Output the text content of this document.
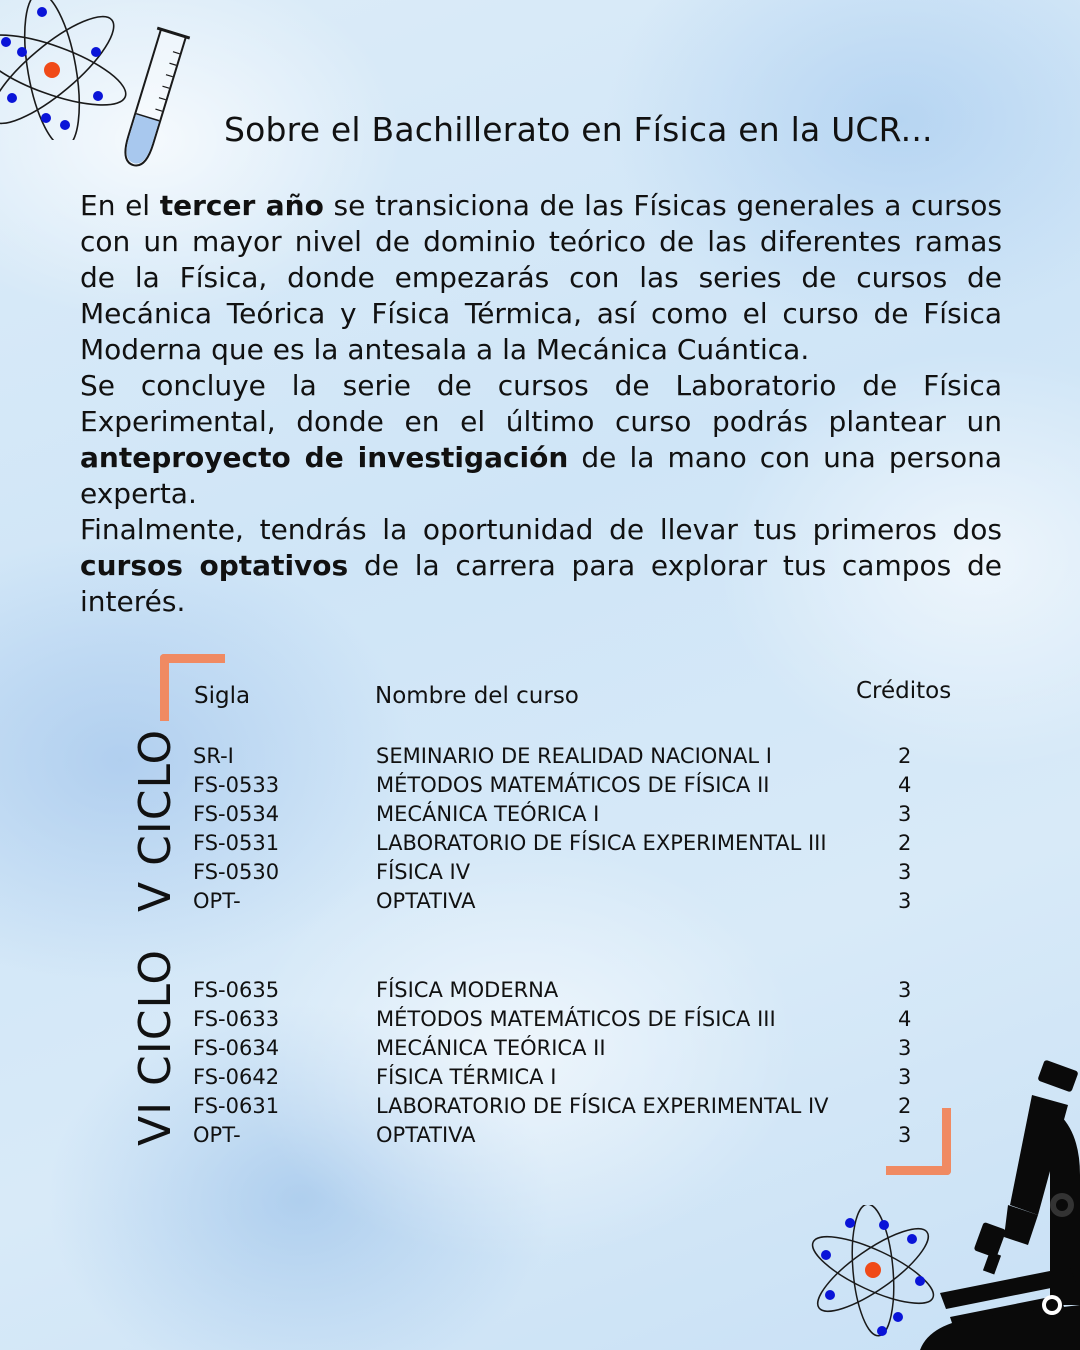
Sobre el Bachillerato en Física en la UCR...

En el tercer año se transiciona de las Físicas generales a cursos con un mayor nivel de dominio teórico de las diferentes ramas de la Física, donde empezarás con las series de cursos de Mecánica Teórica y Física Térmica, así como el curso de Física Moderna que es la antesala a la Mecánica Cuántica.

Se concluye la serie de cursos de Laboratorio de Física Experimental, donde en el último curso podrás plantear un anteproyecto de investigación de la mano con una persona experta.

Finalmente, tendrás la oportunidad de llevar tus primeros dos cursos optativos de la carrera para explorar tus campos de interés.

Sigla	Nombre del curso	Créditos
V CICLO
VI CICLO
SR-I	SEMINARIO DE REALIDAD NACIONAL I	2
FS-0533	MÉTODOS MATEMÁTICOS DE FÍSICA II	4
FS-0534	MECÁNICA TEÓRICA I	3
FS-0531	LABORATORIO DE FÍSICA EXPERIMENTAL III	2
FS-0530	FÍSICA IV	3
OPT-	OPTATIVA	3
FS-0635	FÍSICA MODERNA	3
FS-0633	MÉTODOS MATEMÁTICOS DE FÍSICA III	4
FS-0634	MECÁNICA TEÓRICA II	3
FS-0642	FÍSICA TÉRMICA I	3
FS-0631	LABORATORIO DE FÍSICA EXPERIMENTAL IV	2
OPT-	OPTATIVA	3
